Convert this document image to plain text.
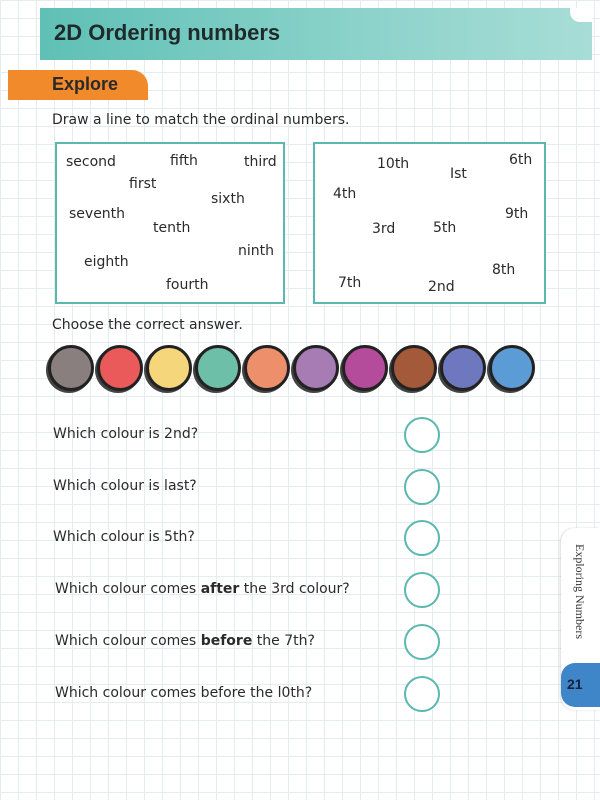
2D Ordering numbers
Explore
Draw a line to match the ordinal numbers.
second	fifth	third
first
sixth
seventh
tenth
ninth
eighth
fourth
10th	6th
Ist
4th
9th
3rd	5th
8th
7th	2nd
Choose the correct answer.
Which colour is 2nd?
Which colour is last?
Which colour is 5th?
Which colour comes after the 3rd colour?
Which colour comes before the 7th?
Which colour comes before the l0th?
Exploring Numbers
21
